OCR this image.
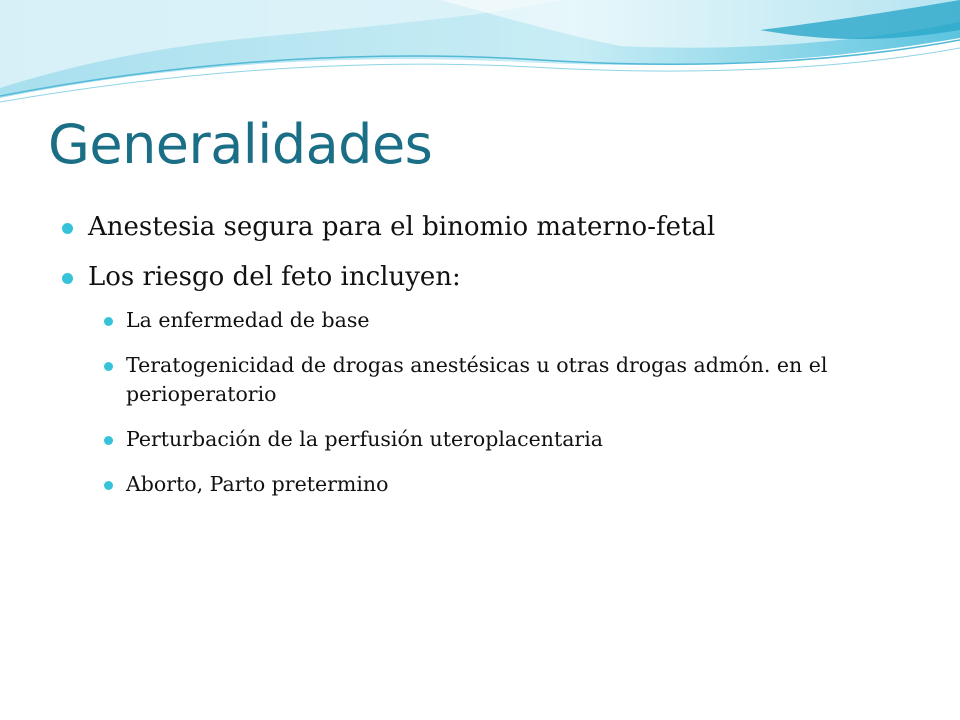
Generalidades
Anestesia segura para el binomio materno-fetal
Los riesgo del feto incluyen:
La enfermedad de base
Teratogenicidad de drogas anestésicas u otras drogas admón. en el perioperatorio
Perturbación de la perfusión uteroplacentaria
Aborto, Parto pretermino
